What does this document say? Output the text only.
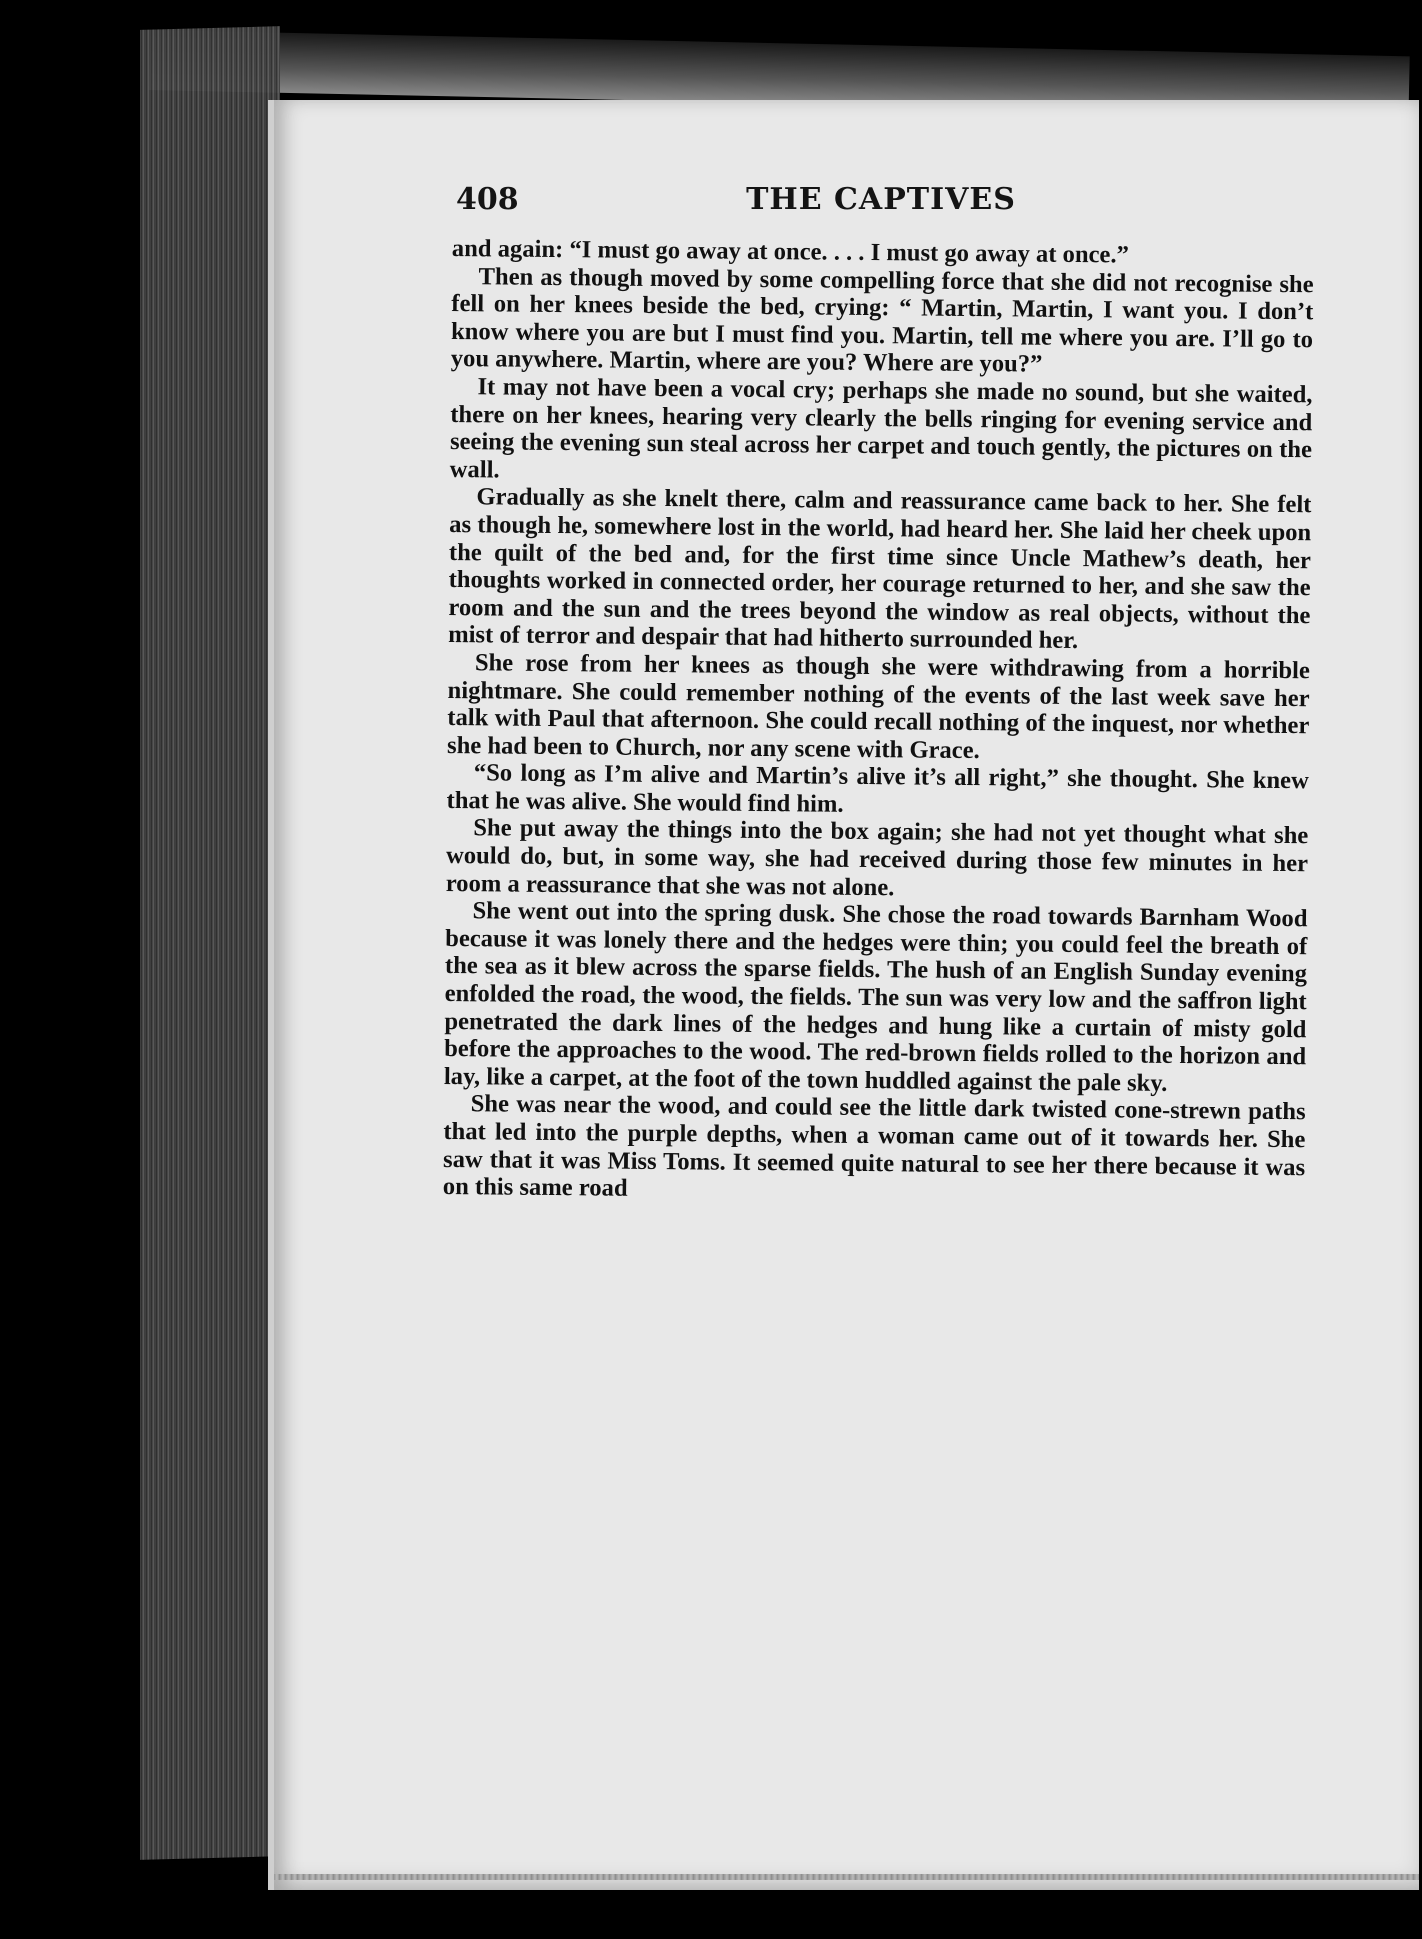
408	THE CAPTIVES

and again: “I must go away at once. . . . I must go away at once.”

Then as though moved by some compelling force that she did not recognise she fell on her knees beside the bed, crying: “ Martin, Martin, I want you. I don’t know where you are but I must find you. Martin, tell me where you are. I’ll go to you anywhere. Martin, where are you? Where are you?”

It may not have been a vocal cry; perhaps she made no sound, but she waited, there on her knees, hearing very clearly the bells ringing for evening service and seeing the evening sun steal across her carpet and touch gently, the pictures on the wall.

Gradually as she knelt there, calm and reassurance came back to her. She felt as though he, somewhere lost in the world, had heard her. She laid her cheek upon the quilt of the bed and, for the first time since Uncle Mathew’s death, her thoughts worked in connected order, her courage returned to her, and she saw the room and the sun and the trees beyond the window as real objects, without the mist of terror and despair that had hitherto surrounded her.

She rose from her knees as though she were withdrawing from a horrible nightmare. She could remember nothing of the events of the last week save her talk with Paul that afternoon. She could recall nothing of the inquest, nor whether she had been to Church, nor any scene with Grace.

“So long as I’m alive and Martin’s alive it’s all right,” she thought. She knew that he was alive. She would find him.

She put away the things into the box again; she had not yet thought what she would do, but, in some way, she had received during those few minutes in her room a reassurance that she was not alone.

She went out into the spring dusk. She chose the road towards Barnham Wood because it was lonely there and the hedges were thin; you could feel the breath of the sea as it blew across the sparse fields. The hush of an English Sunday evening enfolded the road, the wood, the fields. The sun was very low and the saffron light penetrated the dark lines of the hedges and hung like a curtain of misty gold before the approaches to the wood. The red-brown fields rolled to the horizon and lay, like a carpet, at the foot of the town huddled against the pale sky.

She was near the wood, and could see the little dark twisted cone-strewn paths that led into the purple depths, when a woman came out of it towards her. She saw that it was Miss Toms. It seemed quite natural to see her there because it was on this same road
